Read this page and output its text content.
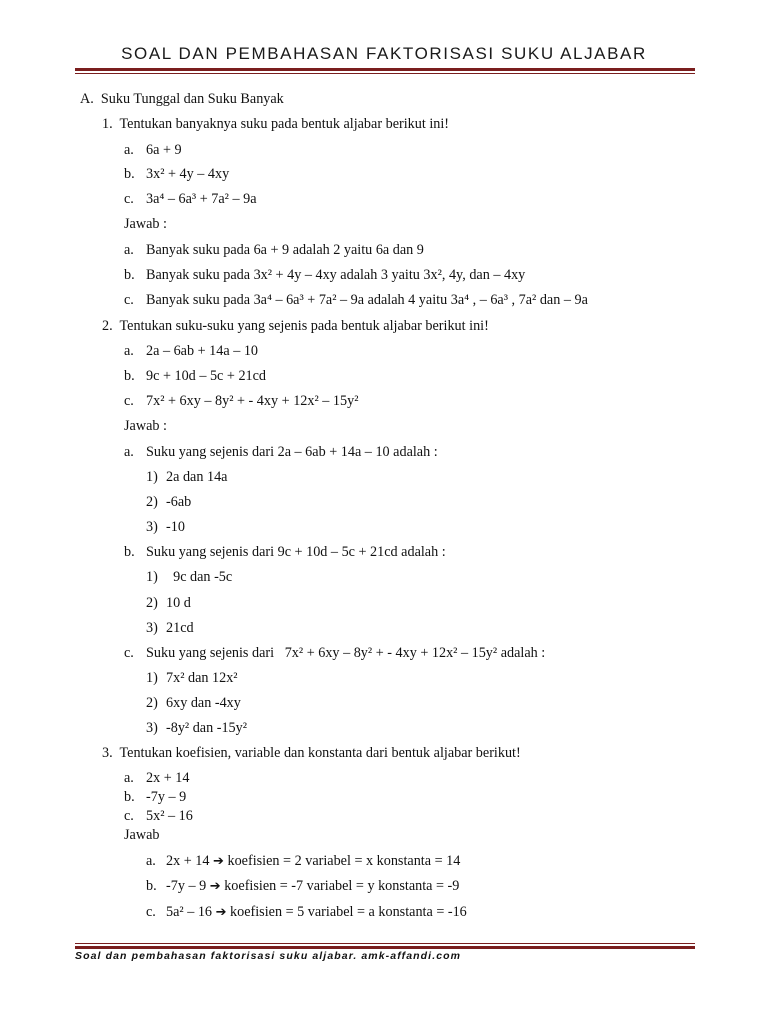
SOAL DAN PEMBAHASAN FAKTORISASI SUKU ALJABAR
A. Suku Tunggal dan Suku Banyak
1. Tentukan banyaknya suku pada bentuk aljabar berikut ini!
a. 6a + 9
b. 3x² + 4y – 4xy
c. 3a⁴ – 6a³ + 7a² – 9a
Jawab :
a. Banyak suku pada 6a + 9 adalah 2 yaitu 6a dan 9
b. Banyak suku pada 3x² + 4y – 4xy adalah 3 yaitu 3x², 4y, dan – 4xy
c. Banyak suku pada 3a⁴ – 6a³ + 7a² – 9a adalah 4 yaitu 3a⁴ , – 6a³ , 7a² dan – 9a
2. Tentukan suku-suku yang sejenis pada bentuk aljabar berikut ini!
a. 2a – 6ab + 14a – 10
b. 9c + 10d – 5c + 21cd
c. 7x² + 6xy – 8y² + - 4xy + 12x² – 15y²
Jawab :
a. Suku yang sejenis dari 2a – 6ab + 14a – 10 adalah :
1) 2a dan 14a
2) -6ab
3) -10
b. Suku yang sejenis dari 9c + 10d – 5c + 21cd adalah :
1)  9c dan -5c
2) 10 d
3) 21cd
c. Suku yang sejenis dari   7x² + 6xy – 8y² + - 4xy + 12x² – 15y² adalah :
1) 7x² dan 12x²
2) 6xy dan -4xy
3) -8y² dan -15y²
3. Tentukan koefisien, variable dan konstanta dari bentuk aljabar berikut!
a. 2x + 14
b. -7y – 9
c. 5x² – 16
Jawab
a. 2x + 14 ➔ koefisien = 2 variabel = x konstanta = 14
b. -7y – 9 ➔ koefisien = -7 variabel = y konstanta = -9
c. 5a² – 16 ➔ koefisien = 5 variabel = a konstanta = -16
Soal dan pembahasan faktorisasi suku aljabar. amk-affandi.com
